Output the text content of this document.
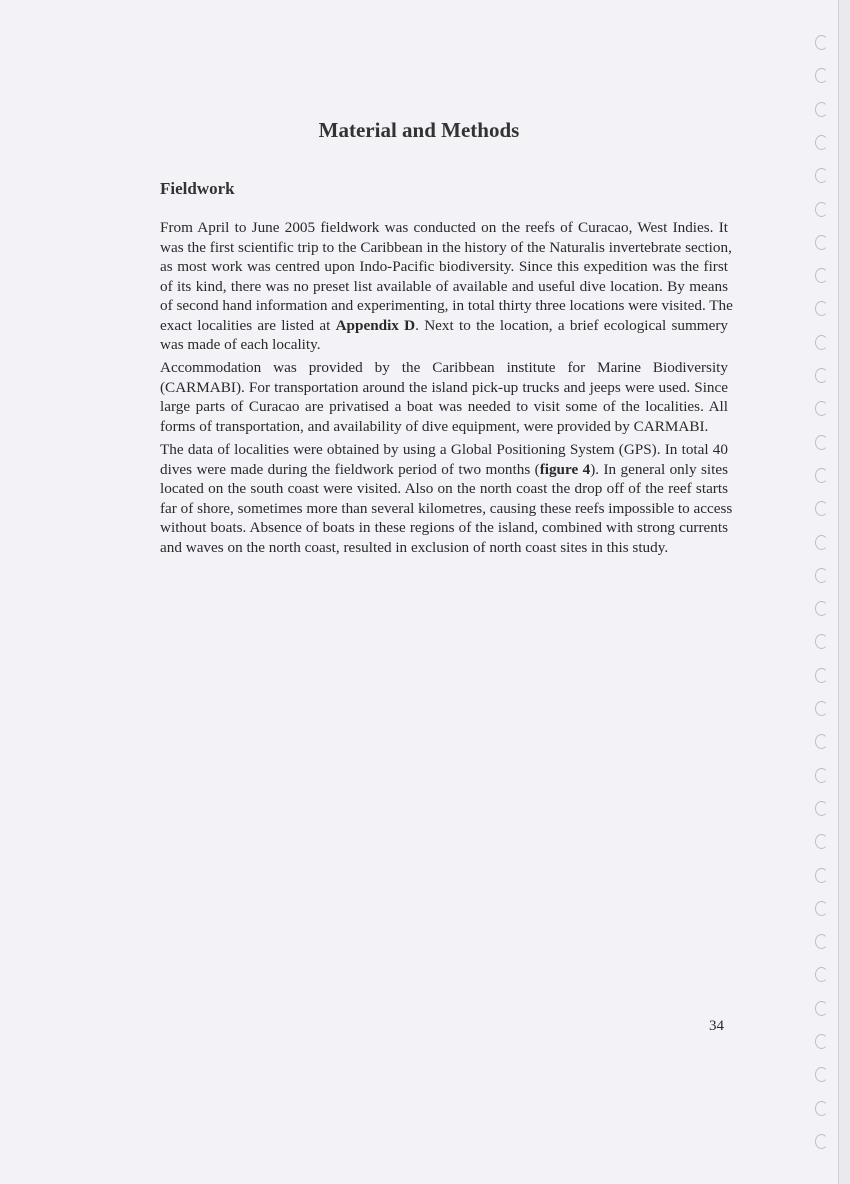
Material and Methods
Fieldwork
From April to June 2005 fieldwork was conducted on the reefs of Curacao, West Indies. It
was the first scientific trip to the Caribbean in the history of the Naturalis invertebrate section,
as most work was centred upon Indo-Pacific biodiversity. Since this expedition was the first
of its kind, there was no preset list available of available and useful dive location. By means
of second hand information and experimenting, in total thirty three locations were visited. The
exact localities are listed at Appendix D. Next to the location, a brief ecological summery
was made of each locality.
Accommodation was provided by the Caribbean institute for Marine Biodiversity
(CARMABI). For transportation around the island pick-up trucks and jeeps were used. Since
large parts of Curacao are privatised a boat was needed to visit some of the localities. All
forms of transportation, and availability of dive equipment, were provided by CARMABI.
The data of localities were obtained by using a Global Positioning System (GPS). In total 40
dives were made during the fieldwork period of two months (figure 4). In general only sites
located on the south coast were visited. Also on the north coast the drop off of the reef starts
far of shore, sometimes more than several kilometres, causing these reefs impossible to access
without boats. Absence of boats in these regions of the island, combined with strong currents
and waves on the north coast, resulted in exclusion of north coast sites in this study.
34
